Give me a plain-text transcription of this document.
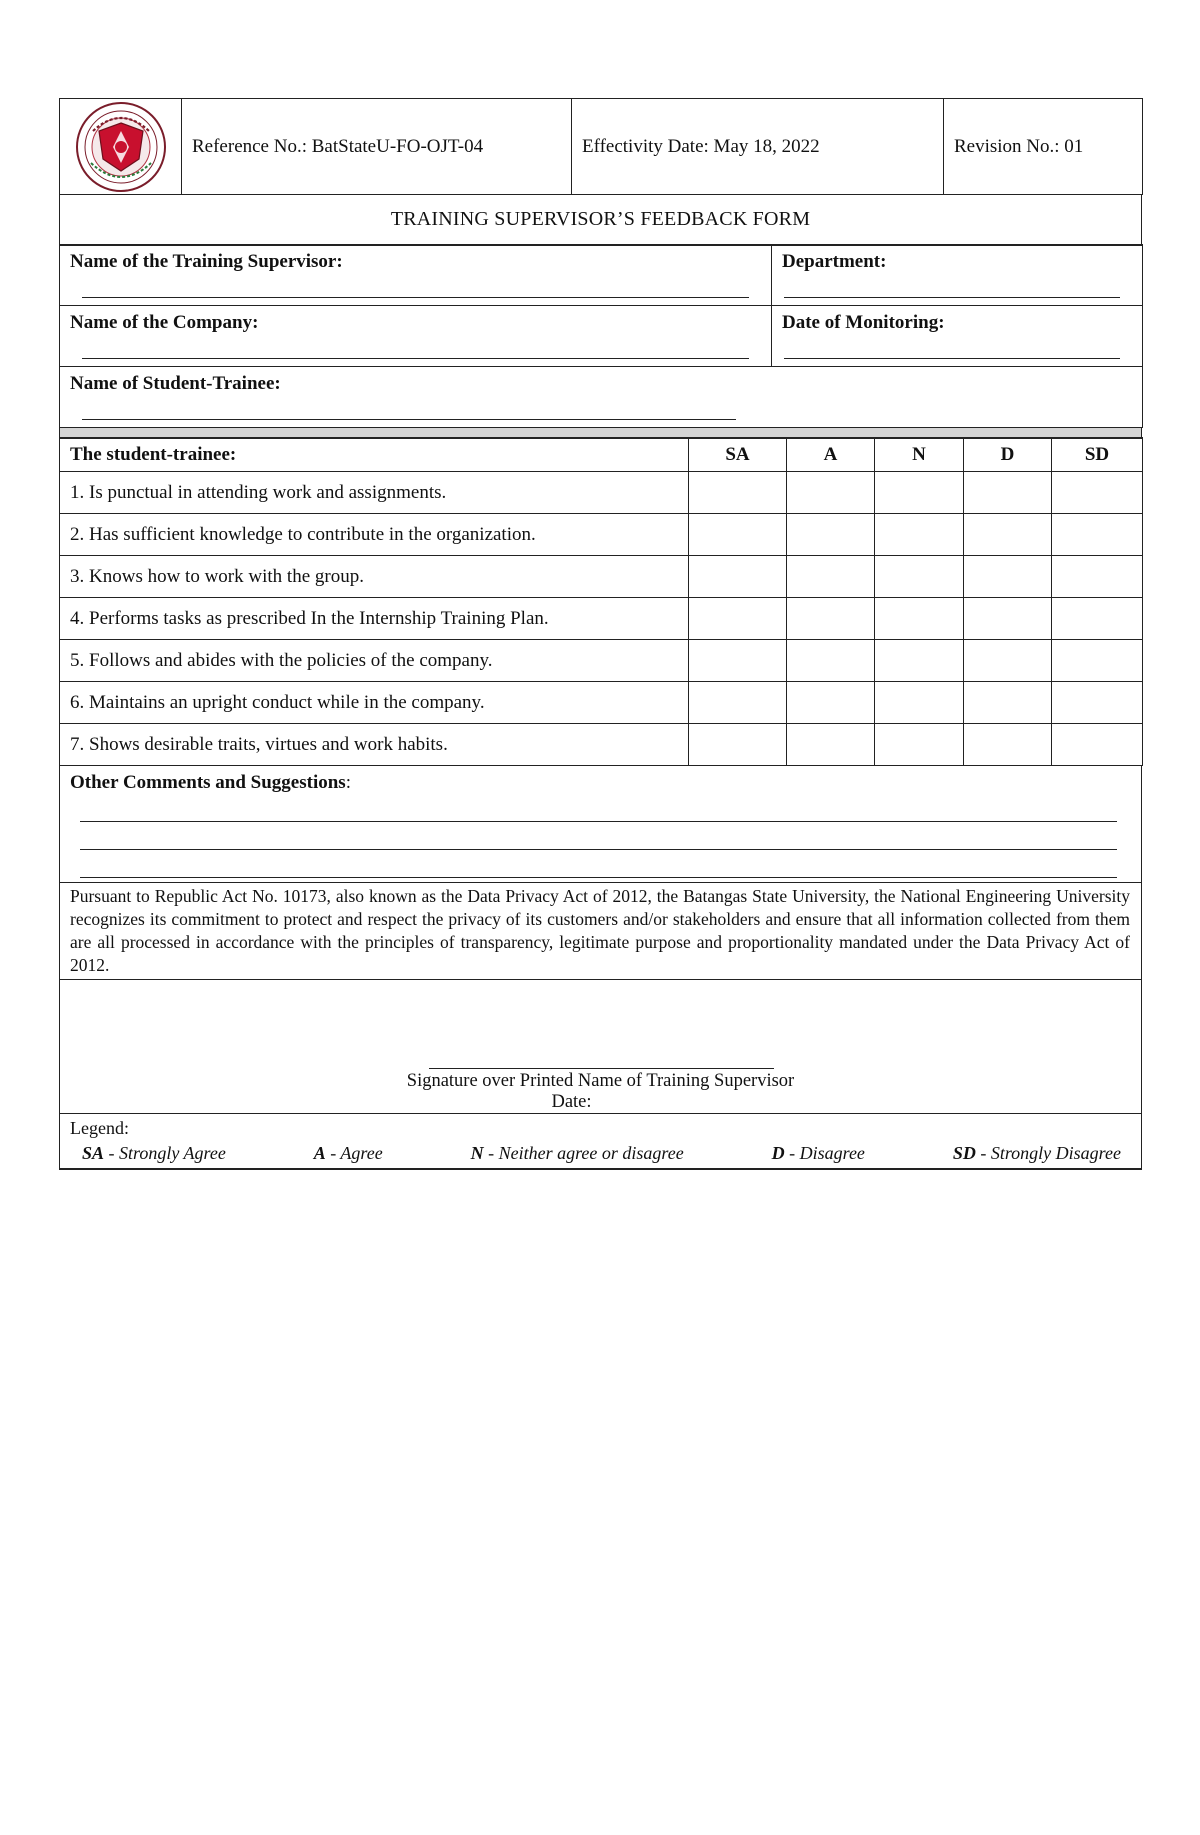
	Reference No.: BatStateU-FO-OJT-04	Effectivity Date: May 18, 2022	Revision No.: 01
TRAINING SUPERVISOR’S FEEDBACK FORM
Name of the Training Supervisor:	Department:

Name of the Company:	Date of Monitoring:

Name of Student-Trainee:	
The student-trainee:	SA	A	N	D	SD
1. Is punctual in attending work and assignments.					
2. Has sufficient knowledge to contribute in the organization.					
3. Knows how to work with the group.					
4. Performs tasks as prescribed In the Internship Training Plan.					
5. Follows and abides with the policies of the company.					
6. Maintains an upright conduct while in the company.					
7. Shows desirable traits, virtues and work habits.					
Other Comments and Suggestions:

Pursuant to Republic Act No. 10173, also known as the Data Privacy Act of 2012, the Batangas State University, the National Engineering University recognizes its commitment to protect and respect the privacy of its customers and/or stakeholders and ensure that all information collected from them are all processed in accordance with the principles of transparency, legitimate purpose and proportionality mandated under the Data Privacy Act of 2012.

Signature over Printed Name of Training Supervisor
Date:

Legend:
SA - Strongly Agree	A - Agree	N - Neither agree or disagree	D - Disagree	SD - Strongly Disagree
